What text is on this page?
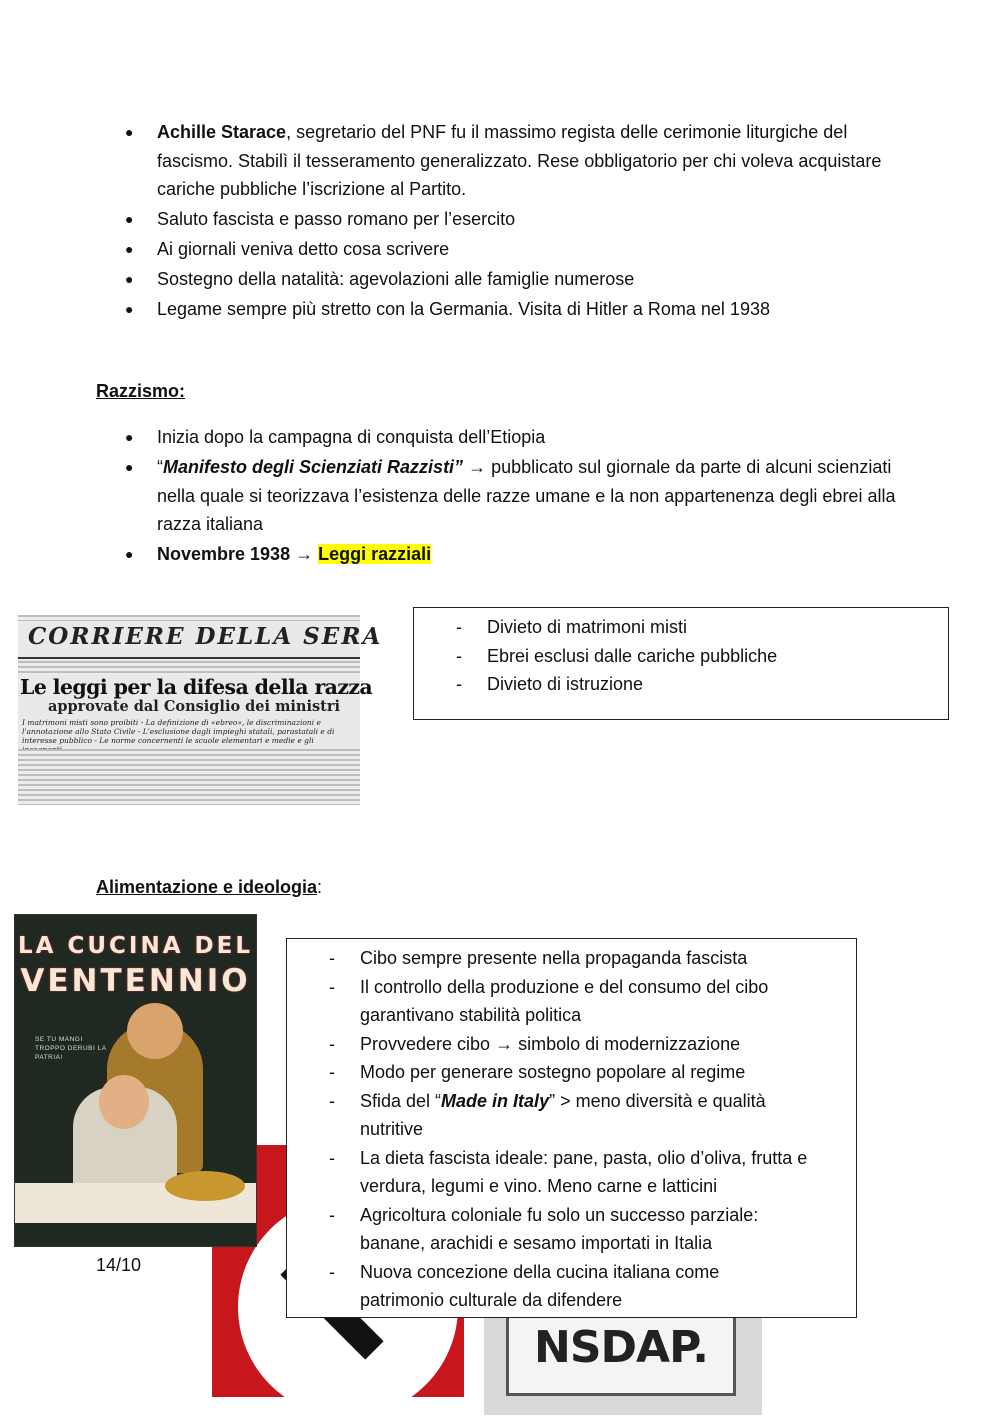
● Achille Starace, segretario del PNF fu il massimo regista delle cerimonie liturgiche del fascismo. Stabilì il tesseramento generalizzato. Rese obbligatorio per chi voleva acquistare cariche pubbliche l’iscrizione al Partito.
● Saluto fascista e passo romano per l’esercito
● Ai giornali veniva detto cosa scrivere
● Sostegno della natalità: agevolazioni alle famiglie numerose
● Legame sempre più stretto con la Germania. Visita di Hitler a Roma nel 1938
Razzismo:
● Inizia dopo la campagna di conquista dell’Etiopia
● “Manifesto degli Scienziati Razzisti” → pubblicato sul giornale da parte di alcuni scienziati nella quale si teorizzava l’esistenza delle razze umane e la non appartenenza degli ebrei alla razza italiana
● Novembre 1938 → Leggi razziali
CORRIERE DELLA SERA
Le leggi per la difesa della razza
approvate dal Consiglio dei ministri
I matrimoni misti sono proibiti - La definizione di «ebreo», le discriminazioni e l'annotazione allo Stato Civile - L'esclusione dagli impieghi statali, parastatali e di interesse pubblico - Le norme concernenti le scuole elementari e medie e gli
- Divieto di matrimoni misti
- Ebrei esclusi dalle cariche pubbliche
- Divieto di istruzione
Alimentazione e ideologia:
NSDAP.
LA CUCINA DEL
VENTENNIO
SE TU MANGI TROPPO DERUBI LA PATRIA!
14/10
- Cibo sempre presente nella propaganda fascista
- Il controllo della produzione e del consumo del cibo garantivano stabilità politica
- Provvedere cibo → simbolo di modernizzazione
- Modo per generare sostegno popolare al regime
- Sfida del “Made in Italy” > meno diversità e qualità nutritive
- La dieta fascista ideale: pane, pasta, olio d’oliva, frutta e verdura, legumi e vino. Meno carne e latticini
- Agricoltura coloniale fu solo un successo parziale: banane, arachidi e sesamo importati in Italia
- Nuova concezione della cucina italiana come patrimonio culturale da difendere
